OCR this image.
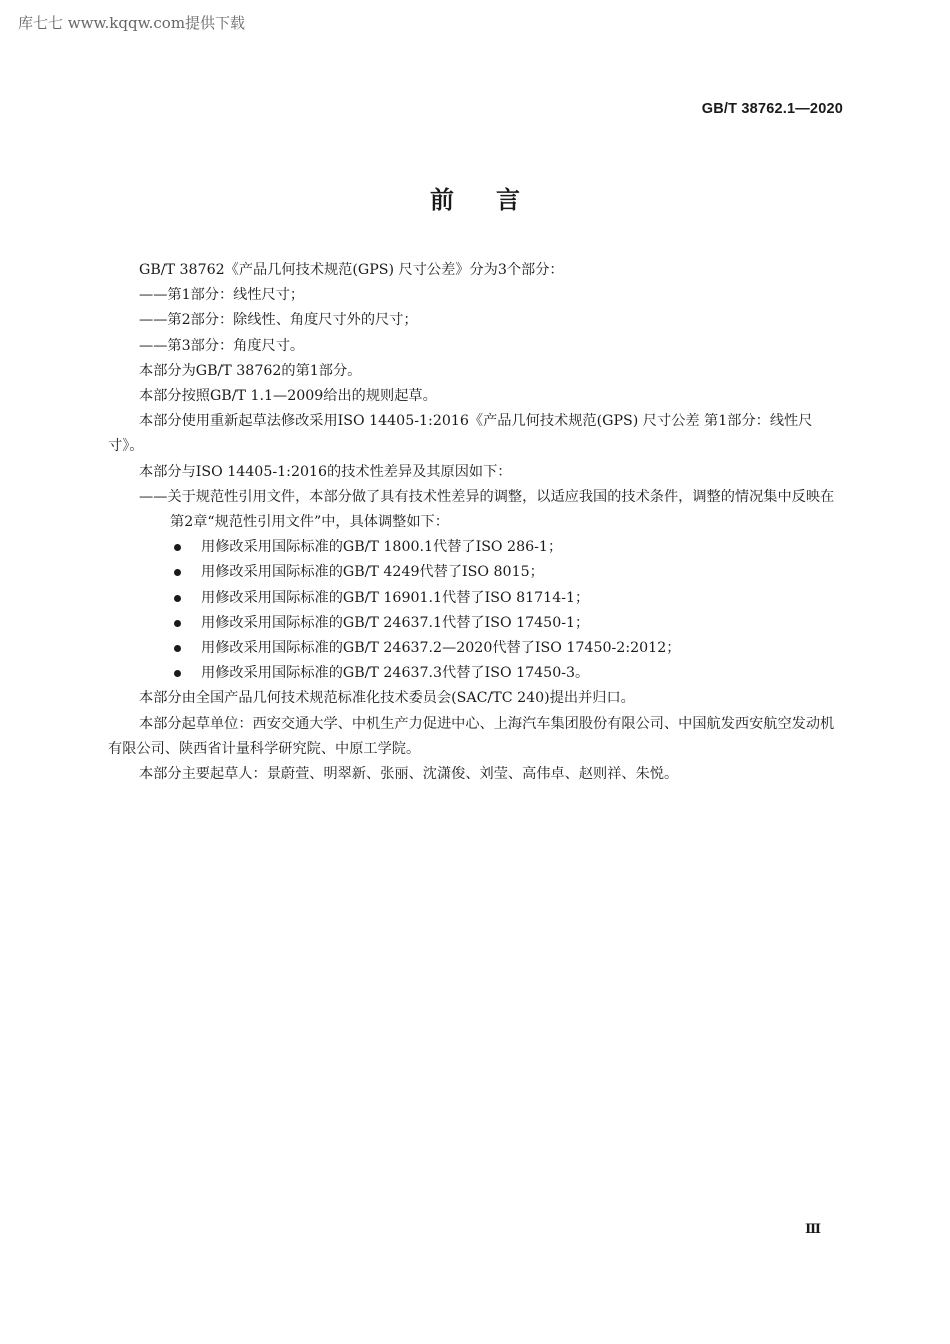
库七七 www.kqqw.com提供下载
GB/T 38762.1—2020
前言

GB/T 38762《产品几何技术规范(GPS) 尺寸公差》分为3个部分：

——第1部分：线性尺寸；

——第2部分：除线性、角度尺寸外的尺寸；

——第3部分：角度尺寸。

本部分为GB/T 38762的第1部分。

本部分按照GB/T 1.1—2009给出的规则起草。

本部分使用重新起草法修改采用ISO 14405-1:2016《产品几何技术规范(GPS) 尺寸公差 第1部分：线性尺寸》。

本部分与ISO 14405-1:2016的技术性差异及其原因如下：

——关于规范性引用文件，本部分做了具有技术性差异的调整，以适应我国的技术条件，调整的情况集中反映在第2章“规范性引用文件”中，具体调整如下：

用修改采用国际标准的GB/T 1800.1代替了ISO 286-1；
用修改采用国际标准的GB/T 4249代替了ISO 8015；
用修改采用国际标准的GB/T 16901.1代替了ISO 81714-1；
用修改采用国际标准的GB/T 24637.1代替了ISO 17450-1；
用修改采用国际标准的GB/T 24637.2—2020代替了ISO 17450-2:2012；
用修改采用国际标准的GB/T 24637.3代替了ISO 17450-3。

本部分由全国产品几何技术规范标准化技术委员会(SAC/TC 240)提出并归口。

本部分起草单位：西安交通大学、中机生产力促进中心、上海汽车集团股份有限公司、中国航发西安航空发动机有限公司、陕西省计量科学研究院、中原工学院。

本部分主要起草人：景蔚萱、明翠新、张丽、沈潇俊、刘莹、高伟卓、赵则祥、朱悦。

Ⅲ
